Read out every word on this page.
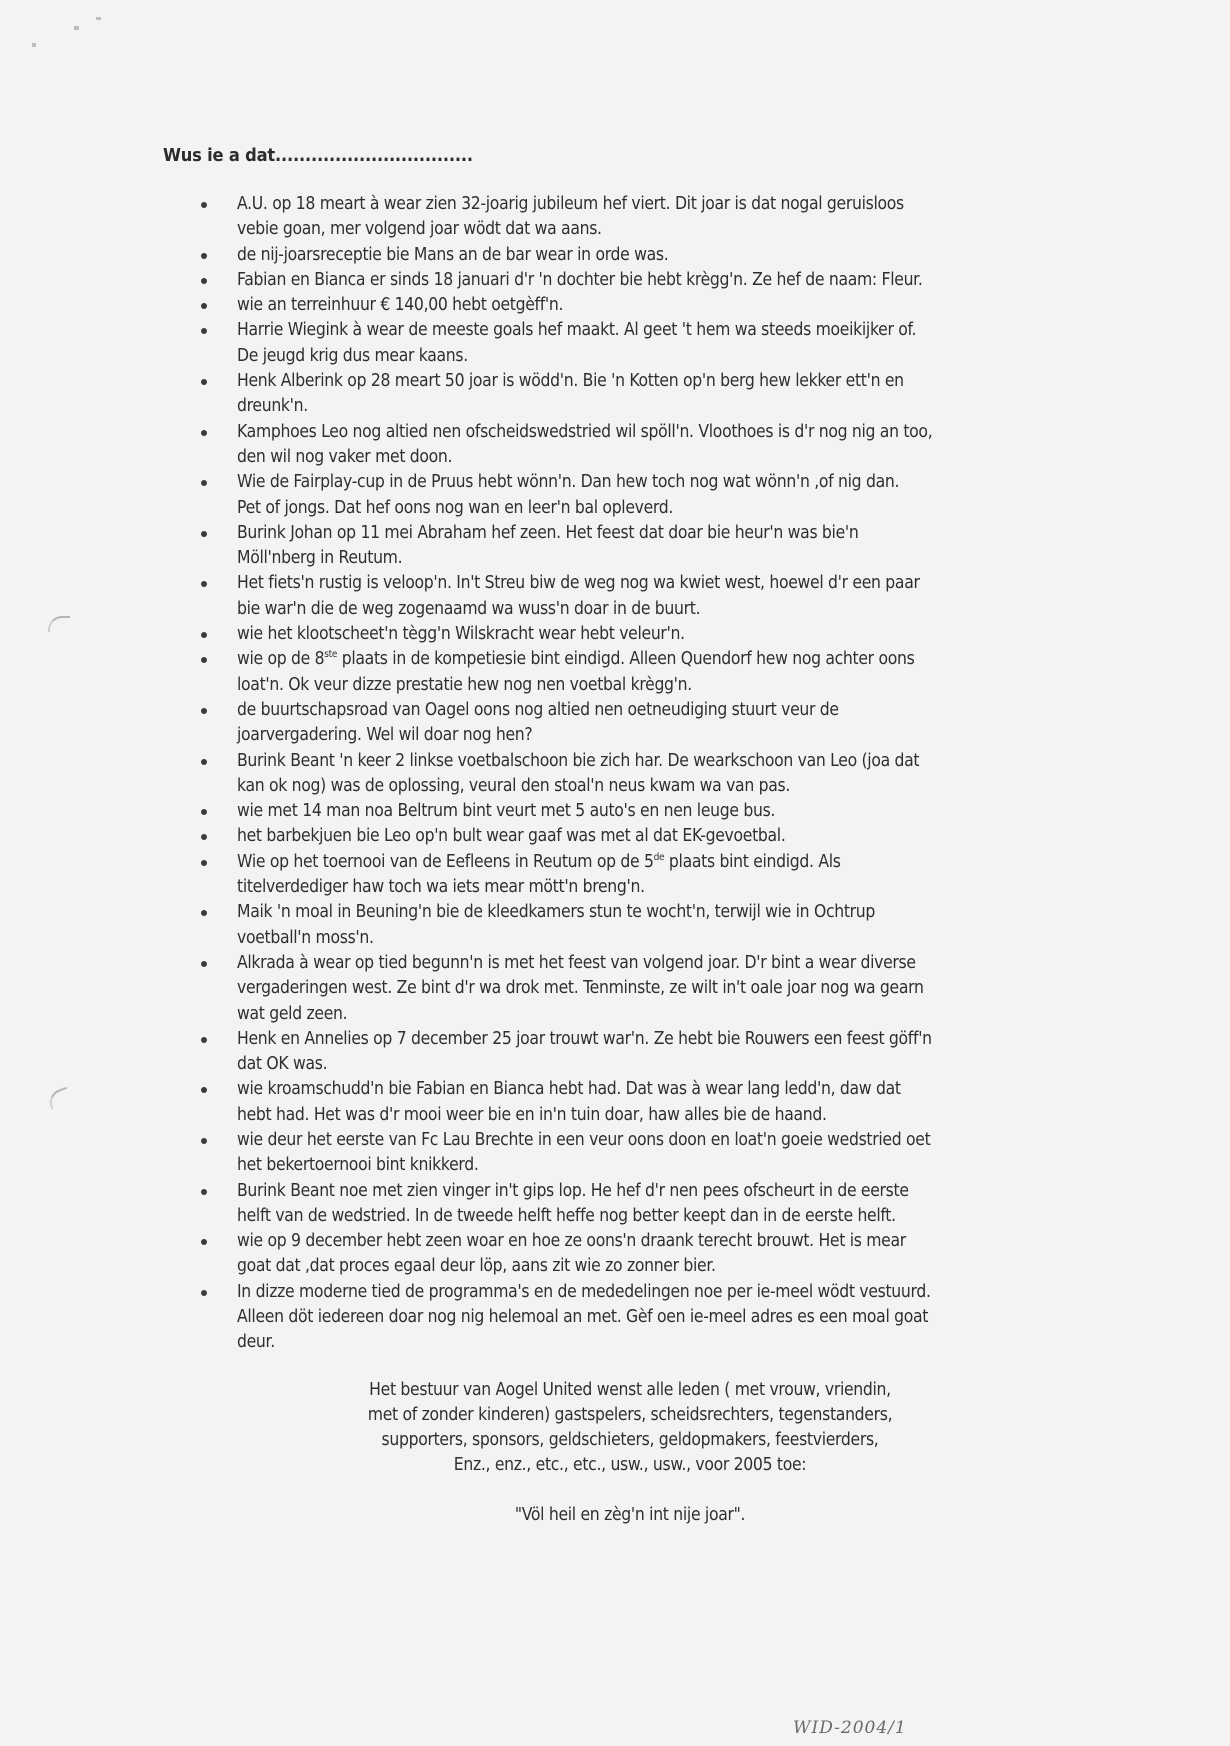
Wus ie a dat.................................
A.U. op 18 meart à wear zien 32-joarig jubileum hef viert. Dit joar is dat nogal geruisloos
vebie goan, mer volgend joar wödt dat wa aans.
de nij-joarsreceptie bie Mans an de bar wear in orde was.
Fabian en Bianca er sinds 18 januari d'r 'n dochter bie hebt krègg'n. Ze hef de naam: Fleur.
wie an terreinhuur € 140,00 hebt oetgèff'n.
Harrie Wiegink à wear de meeste goals hef maakt. Al geet 't hem wa steeds moeikijker of.
De jeugd krig dus mear kaans.
Henk Alberink op 28 meart 50 joar is wödd'n. Bie 'n Kotten op'n berg hew lekker ett'n en
dreunk'n.
Kamphoes Leo nog altied nen ofscheidswedstried wil spöll'n. Vloothoes is d'r nog nig an too,
den wil nog vaker met doon.
Wie de Fairplay-cup in de Pruus hebt wönn'n. Dan hew toch nog wat wönn'n ,of nig dan.
Pet of jongs. Dat hef oons nog wan en leer'n bal opleverd.
Burink Johan op 11 mei Abraham hef zeen. Het feest dat doar bie heur'n was bie'n
Möll'nberg in Reutum.
Het fiets'n rustig is veloop'n. In't Streu biw de weg nog wa kwiet west, hoewel d'r een paar
bie war'n die de weg zogenaamd wa wuss'n doar in de buurt.
wie het klootscheet'n tègg'n Wilskracht wear hebt veleur'n.
wie op de 8ste plaats in de kompetiesie bint eindigd. Alleen Quendorf hew nog achter oons
loat'n. Ok veur dizze prestatie hew nog nen voetbal krègg'n.
de buurtschapsroad van Oagel oons nog altied nen oetneudiging stuurt veur de
joarvergadering. Wel wil doar nog hen?
Burink Beant 'n keer 2 linkse voetbalschoon bie zich har. De wearkschoon van Leo (joa dat
kan ok nog) was de oplossing, veural den stoal'n neus kwam wa van pas.
wie met 14 man noa Beltrum bint veurt met 5 auto's en nen leuge bus.
het barbekjuen bie Leo op'n bult wear gaaf was met al dat EK-gevoetbal.
Wie op het toernooi van de Eefleens in Reutum op de 5de plaats bint eindigd. Als
titelverdediger haw toch wa iets mear mött'n breng'n.
Maik 'n moal in Beuning'n bie de kleedkamers stun te wocht'n, terwijl wie in Ochtrup
voetball'n moss'n.
Alkrada à wear op tied begunn'n is met het feest van volgend joar. D'r bint a wear diverse
vergaderingen west. Ze bint d'r wa drok met. Tenminste, ze wilt in't oale joar nog wa gearn
wat geld zeen.
Henk en Annelies op 7 december 25 joar trouwt war'n. Ze hebt bie Rouwers een feest göff'n
dat OK was.
wie kroamschudd'n bie Fabian en Bianca hebt had. Dat was à wear lang ledd'n, daw dat
hebt had. Het was d'r mooi weer bie en in'n tuin doar, haw alles bie de haand.
wie deur het eerste van Fc Lau Brechte in een veur oons doon en loat'n goeie wedstried oet
het bekertoernooi bint knikkerd.
Burink Beant noe met zien vinger in't gips lop. He hef d'r nen pees ofscheurt in de eerste
helft van de wedstried. In de tweede helft heffe nog better keept dan in de eerste helft.
wie op 9 december hebt zeen woar en hoe ze oons'n draank terecht brouwt. Het is mear
goat dat ,dat proces egaal deur löp, aans zit wie zo zonner bier.
In dizze moderne tied de programma's en de mededelingen noe per ie-meel wödt vestuurd.
Alleen döt iedereen doar nog nig helemoal an met. Gèf oen ie-meel adres es een moal goat
deur.
Het bestuur van Aogel United wenst alle leden ( met vrouw, vriendin,
met of zonder kinderen) gastspelers, scheidsrechters, tegenstanders,
supporters, sponsors, geldschieters, geldopmakers, feestvierders,
Enz., enz., etc., etc., usw., usw., voor 2005 toe:
"Völ heil en zèg'n int nije joar".
WID-2004/1
